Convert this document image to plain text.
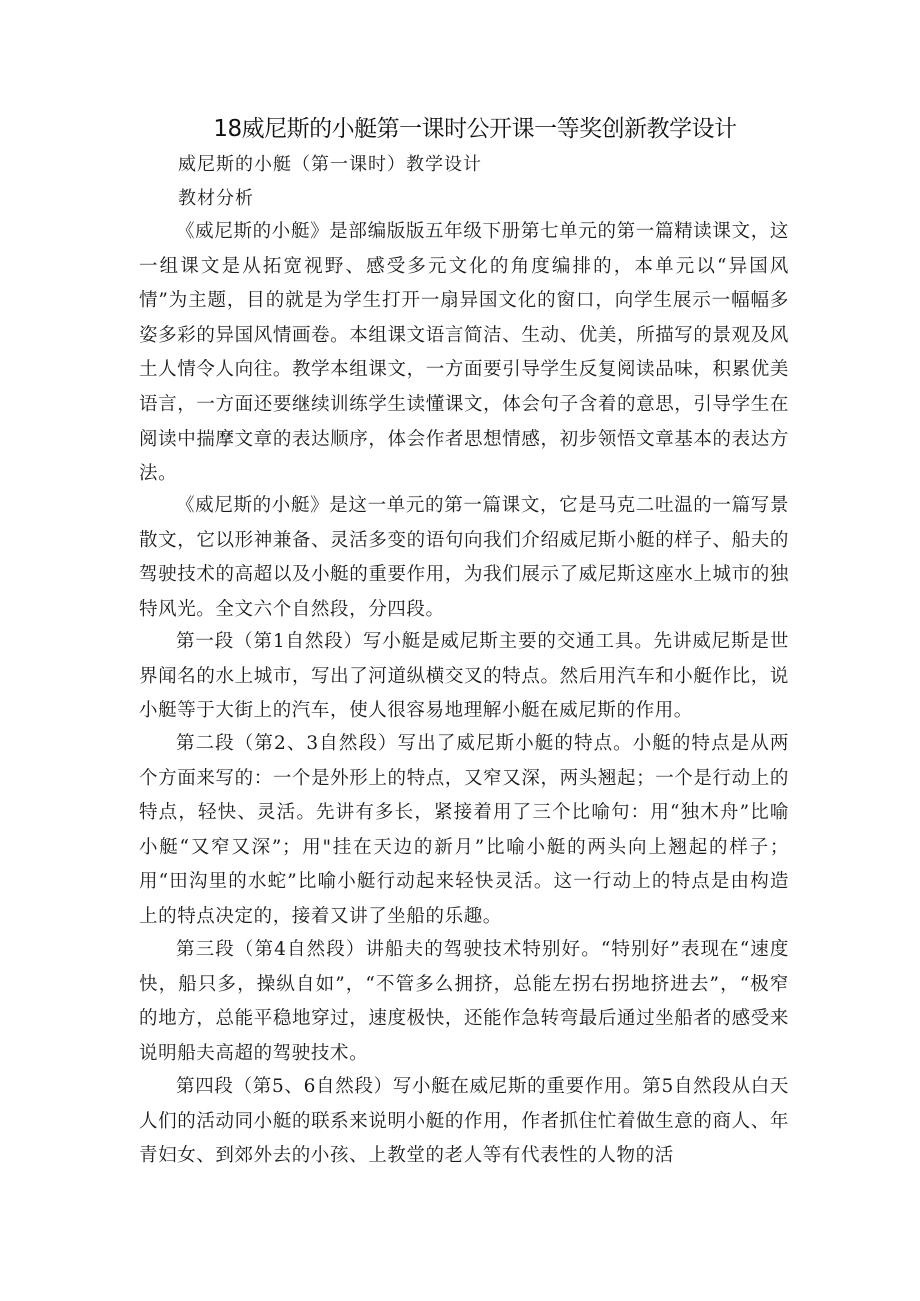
18威尼斯的小艇第一课时公开课一等奖创新教学设计
威尼斯的小艇（第一课时）教学设计
教材分析

《威尼斯的小艇》是部编版版五年级下册第七单元的第一篇精读课文，这一组课文是从拓宽视野、感受多元文化的角度编排的，本单元以“异国风情”为主题，目的就是为学生打开一扇异国文化的窗口，向学生展示一幅幅多姿多彩的异国风情画卷。本组课文语言简洁、生动、优美，所描写的景观及风土人情令人向往。教学本组课文，一方面要引导学生反复阅读品味，积累优美语言，一方面还要继续训练学生读懂课文，体会句子含着的意思，引导学生在阅读中揣摩文章的表达顺序，体会作者思想情感，初步领悟文章基本的表达方法。

《威尼斯的小艇》是这一单元的第一篇课文，它是马克二吐温的一篇写景散文，它以形神兼备、灵活多变的语句向我们介绍威尼斯小艇的样子、船夫的驾驶技术的高超以及小艇的重要作用，为我们展示了威尼斯这座水上城市的独特风光。全文六个自然段，分四段。

第一段（第1自然段）写小艇是威尼斯主要的交通工具。先讲威尼斯是世界闻名的水上城市，写出了河道纵横交叉的特点。然后用汽车和小艇作比，说小艇等于大街上的汽车，使人很容易地理解小艇在威尼斯的作用。

第二段（第2、3自然段）写出了威尼斯小艇的特点。小艇的特点是从两个方面来写的：一个是外形上的特点，又窄又深，两头翘起；一个是行动上的特点，轻快、灵活。先讲有多长，紧接着用了三个比喻句：用“独木舟”比喻小艇“又窄又深”；用"挂在天边的新月”比喻小艇的两头向上翘起的样子；用“田沟里的水蛇”比喻小艇行动起来轻快灵活。这一行动上的特点是由构造上的特点决定的，接着又讲了坐船的乐趣。

第三段（第4自然段）讲船夫的驾驶技术特别好。“特别好”表现在“速度快，船只多，操纵自如”，“不管多么拥挤，总能左拐右拐地挤进去”，“极窄的地方，总能平稳地穿过，速度极快，还能作急转弯最后通过坐船者的感受来说明船夫高超的驾驶技术。

第四段（第5、6自然段）写小艇在威尼斯的重要作用。第5自然段从白天人们的活动同小艇的联系来说明小艇的作用，作者抓住忙着做生意的商人、年青妇女、到郊外去的小孩、上教堂的老人等有代表性的人物的活
